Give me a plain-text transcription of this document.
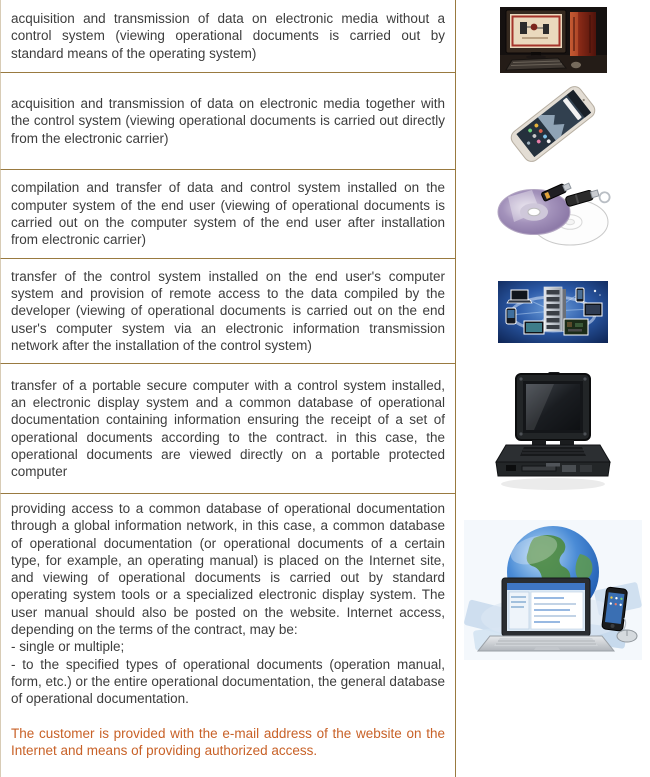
acquisition and transmission of data on electronic media without a control system (viewing operational documents is carried out by standard means of the operating system)

acquisition and transmission of data on electronic media together with the control system (viewing operational documents is carried out directly from the electronic carrier)

compilation and transfer of data and control system installed on the computer system of the end user (viewing of operational documents is carried out on the computer system of the end user after installation from electronic carrier)

transfer of the control system installed on the end user's computer system and provision of remote access to the data compiled by the developer (viewing of operational documents is carried out on the end user's computer system via an electronic information transmission network after the installation of the control system)

transfer of a portable secure computer with a control system installed, an electronic display system and a common database of operational documentation containing information ensuring the receipt of a set of operational documents according to the contract. in this case, the operational documents are viewed directly on a portable protected computer

providing access to a common database of operational documentation through a global information network, in this case, a common database of operational documentation (or operational documents of a certain type, for example, an operating manual) is placed on the Internet site, and viewing of operational documents is carried out by standard operating system tools or a specialized electronic display system. The user manual should also be posted on the website. Internet access, depending on the terms of the contract, may be:

- single or multiple;
- to the specified types of operational documents (operation manual, form, etc.) or the entire operational documentation, the general database of operational documentation.
The customer is provided with the e-mail address of the website on the Internet and means of providing authorized access.
